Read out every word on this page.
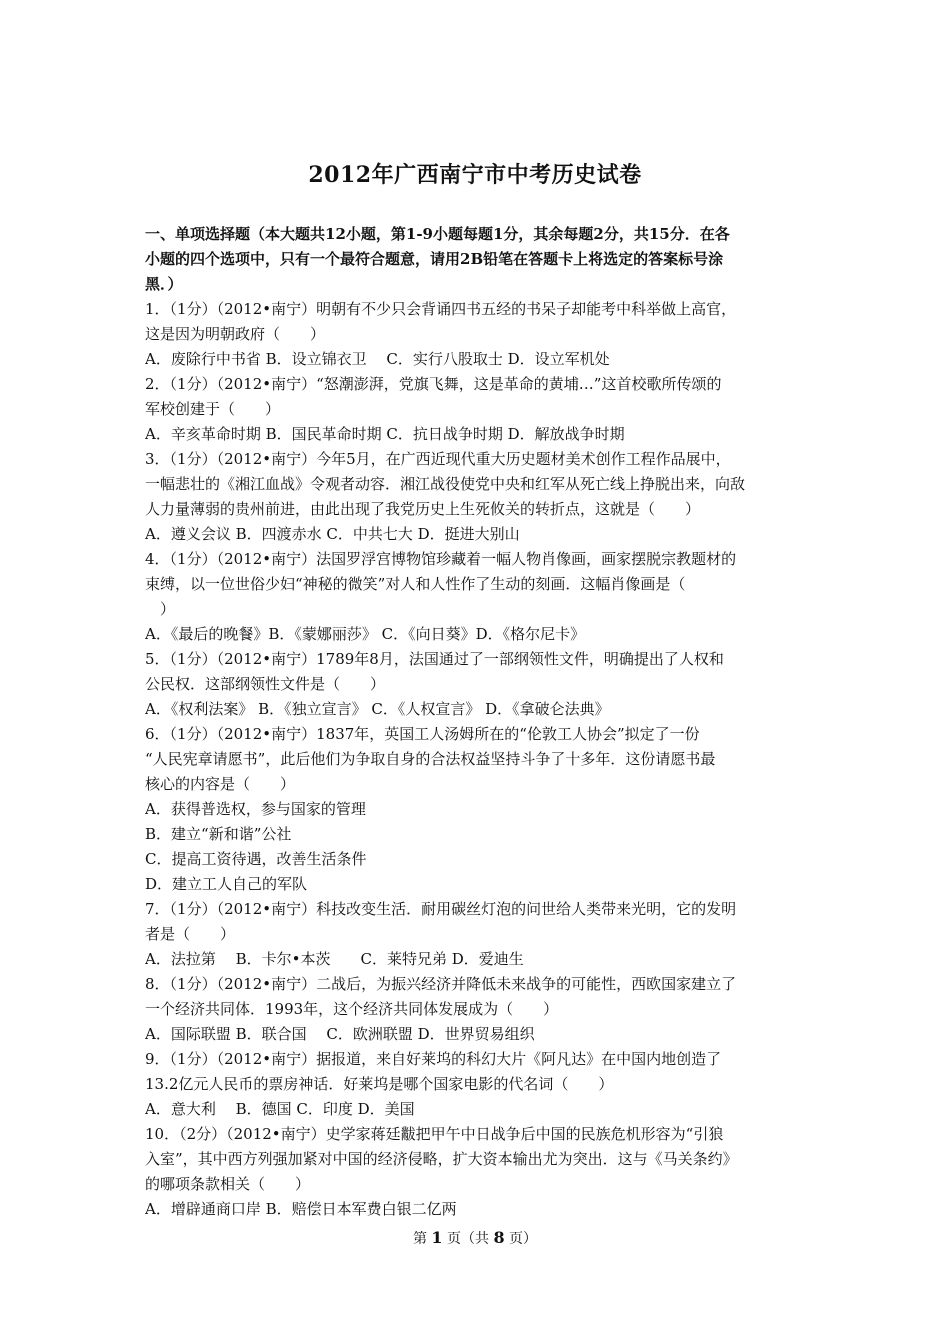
2012年广西南宁市中考历史试卷
一、单项选择题（本大题共12小题，第1-9小题每题1分，其余每题2分，共15分．在各
小题的四个选项中，只有一个最符合题意，请用2B铅笔在答题卡上将选定的答案标号涂
黑．）
1．（1分）（2012•南宁）明朝有不少只会背诵四书五经的书呆子却能考中科举做上高官，
这是因为明朝政府（　　）
A．废除行中书省 B．设立锦衣卫　 C．实行八股取士 D．设立军机处
2．（1分）（2012•南宁）“怒潮澎湃，党旗飞舞，这是革命的黄埔…”这首校歌所传颂的
军校创建于（　　）
A．辛亥革命时期 B．国民革命时期 C．抗日战争时期 D．解放战争时期
3．（1分）（2012•南宁）今年5月，在广西近现代重大历史题材美术创作工程作品展中，
一幅悲壮的《湘江血战》令观者动容．湘江战役使党中央和红军从死亡线上挣脱出来，向敌
人力量薄弱的贵州前进，由此出现了我党历史上生死攸关的转折点，这就是（　　）
A．遵义会议 B．四渡赤水 C．中共七大 D．挺进大别山
4．（1分）（2012•南宁）法国罗浮宫博物馆珍藏着一幅人物肖像画，画家摆脱宗教题材的
束缚，以一位世俗少妇“神秘的微笑”对人和人性作了生动的刻画．这幅肖像画是（
　）
A．《最后的晚餐》B．《蒙娜丽莎》 C．《向日葵》D．《格尔尼卡》
5．（1分）（2012•南宁）1789年8月，法国通过了一部纲领性文件，明确提出了人权和
公民权．这部纲领性文件是（　　）
A．《权利法案》 B．《独立宣言》 C．《人权宣言》 D．《拿破仑法典》
6．（1分）（2012•南宁）1837年，英国工人汤姆所在的“伦敦工人协会”拟定了一份
“人民宪章请愿书”，此后他们为争取自身的合法权益坚持斗争了十多年．这份请愿书最
核心的内容是（　　）
A．获得普选权，参与国家的管理
B．建立“新和谐”公社
C．提高工资待遇，改善生活条件
D．建立工人自己的军队
7．（1分）（2012•南宁）科技改变生活．耐用碳丝灯泡的问世给人类带来光明，它的发明
者是（　　）
A．法拉第　 B．卡尔•本茨　　C．莱特兄弟 D．爱迪生
8．（1分）（2012•南宁）二战后，为振兴经济并降低未来战争的可能性，西欧国家建立了
一个经济共同体．1993年，这个经济共同体发展成为（　　）
A．国际联盟 B．联合国　 C．欧洲联盟 D．世界贸易组织
9．（1分）（2012•南宁）据报道，来自好莱坞的科幻大片《阿凡达》在中国内地创造了
13.2亿元人民币的票房神话．好莱坞是哪个国家电影的代名词（　　）
A．意大利　 B．德国 C．印度 D．美国
10．（2分）（2012•南宁）史学家蒋廷黻把甲午中日战争后中国的民族危机形容为“引狼
入室”，其中西方列强加紧对中国的经济侵略，扩大资本输出尤为突出．这与《马关条约》
的哪项条款相关（　　）
A．增辟通商口岸 B．赔偿日本军费白银二亿两
第 1 页（共 8 页）
